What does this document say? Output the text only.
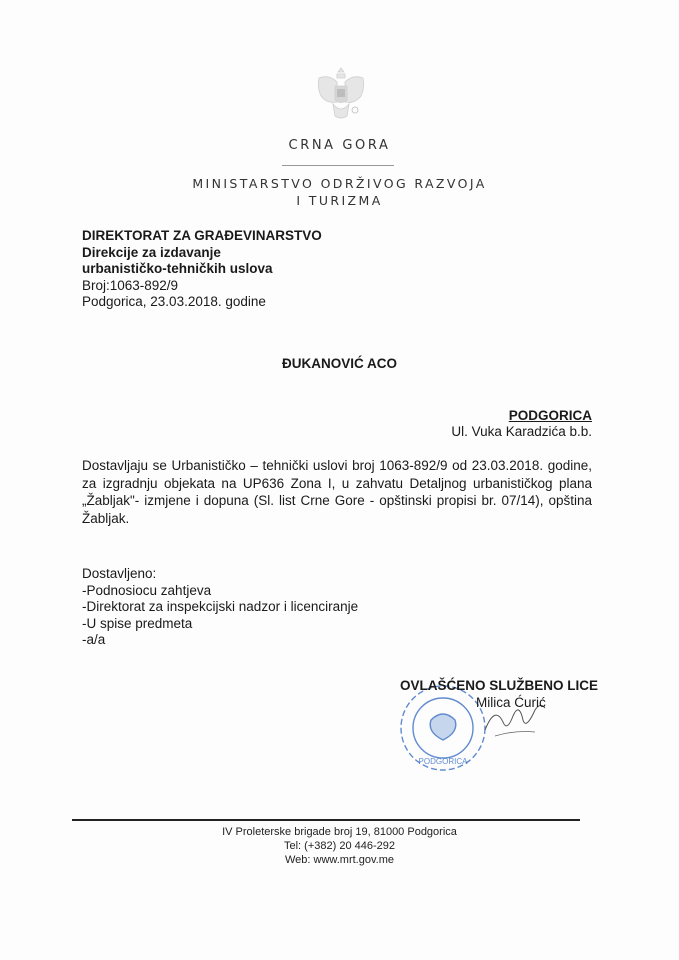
CRNA GORA
MINISTARSTVO ODRŽIVOG RAZVOJA
I TURIZMA
DIREKTORAT ZA GRAĐEVINARSTVO
Direkcije za izdavanje
urbanističko-tehničkih uslova
Broj:1063-892/9
Podgorica, 23.03.2018. godine
ĐUKANOVIĆ ACO
PODGORICA
Ul. Vuka Karadzića b.b.

Dostavljaju se Urbanističko – tehnički uslovi broj 1063-892/9 od 23.03.2018. godine, za izgradnju objekata na UP636 Zona I, u zahvatu Detaljnog urbanističkog plana „Žabljak"- izmjene i dopuna (Sl. list Crne Gore - opštinski propisi br. 07/14), opština Žabljak.

Dostavljeno:
-Podnosiocu zahtjeva
-Direktorat za inspekcijski nadzor i licenciranje
-U spise predmeta
-a/a
PODGORICA
OVLAŠĆENO SLUŽBENO LICE
Milica Ćurić
IV Proleterske brigade broj 19, 81000 Podgorica
Tel: (+382) 20 446-292
Web: www.mrt.gov.me
